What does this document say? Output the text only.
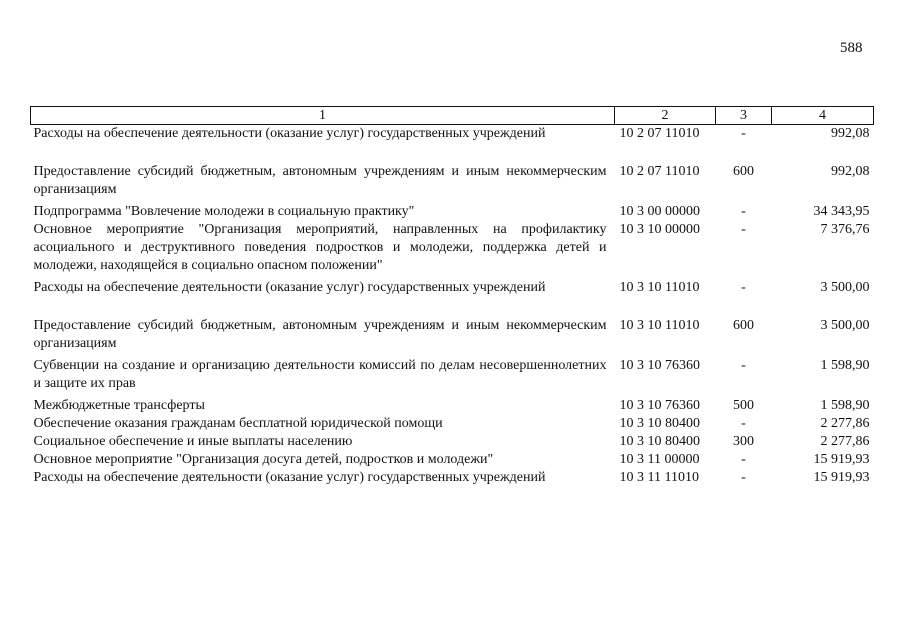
588
1	2	3	4
Расходы на обеспечение деятельности (оказание услуг) государственных учреждений	10 2 07 11010	-	992,08
Предоставление субсидий бюджетным, автономным учреждениям и иным некоммерческим организациям	10 2 07 11010	600	992,08
Подпрограмма "Вовлечение молодежи в социальную практику"	10 3 00 00000	-	34 343,95
Основное мероприятие "Организация мероприятий, направленных на профилактику асоциального и деструктивного поведения подростков и молодежи, поддержка детей и молодежи, находящейся в социально опасном положении"	10 3 10 00000	-	7 376,76
Расходы на обеспечение деятельности (оказание услуг) государственных учреждений	10 3 10 11010	-	3 500,00
Предоставление субсидий бюджетным, автономным учреждениям и иным некоммерческим организациям	10 3 10 11010	600	3 500,00
Субвенции на создание и организацию деятельности комиссий по делам несовершеннолетних и защите их прав	10 3 10 76360	-	1 598,90
Межбюджетные трансферты	10 3 10 76360	500	1 598,90
Обеспечение оказания гражданам бесплатной юридической помощи	10 3 10 80400	-	2 277,86
Социальное обеспечение и иные выплаты населению	10 3 10 80400	300	2 277,86
Основное мероприятие "Организация досуга детей, подростков и молодежи"	10 3 11 00000	-	15 919,93
Расходы на обеспечение деятельности (оказание услуг) государственных учреждений	10 3 11 11010	-	15 919,93
